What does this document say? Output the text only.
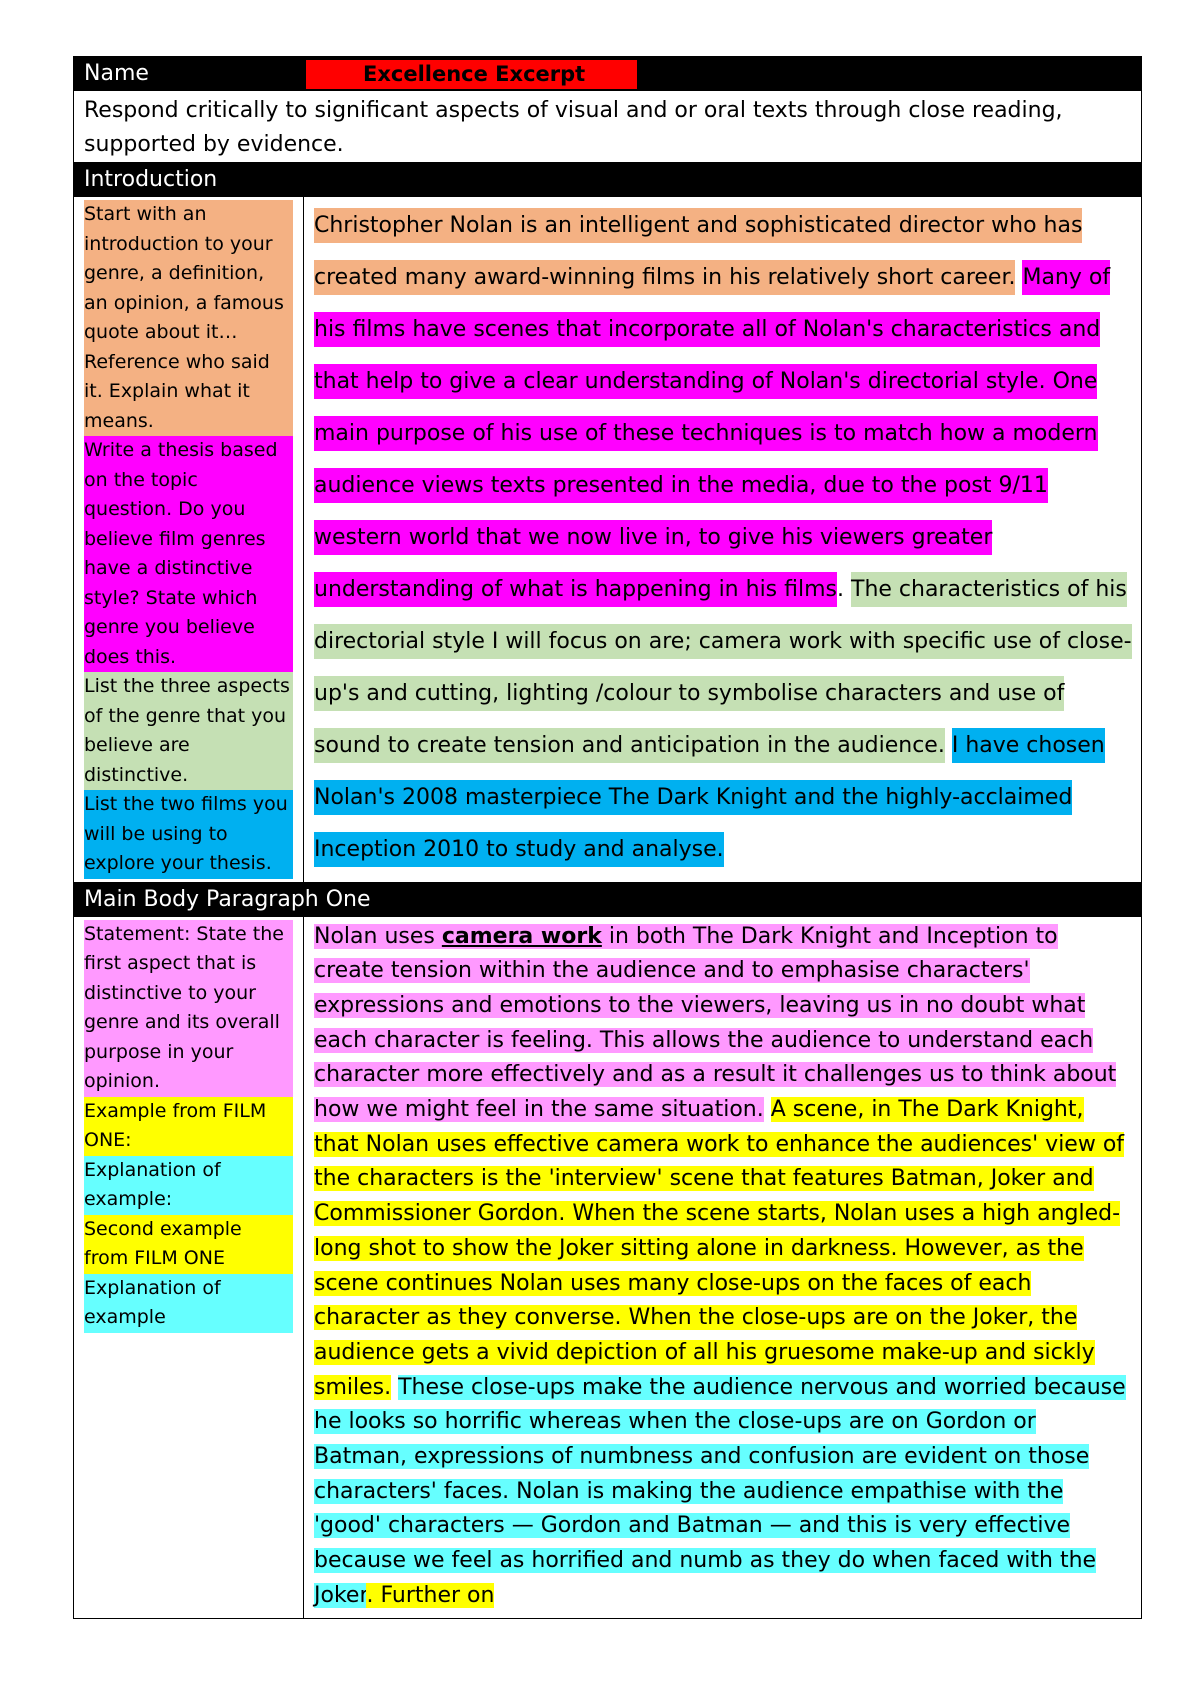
Name	Excellence Excerpt
Respond critically to significant aspects of visual and or oral texts through close reading, supported by evidence.
Introduction
Start with an introduction to your genre, a definition, an opinion, a famous quote about it… Reference who said it. Explain what it means.
Write a thesis based on the topic question. Do you believe film genres have a distinctive style? State which genre you believe does this.
List the three aspects of the genre that you believe are distinctive.
List the two films you will be using to explore your thesis.
Christopher Nolan is an intelligent and sophisticated director who has created many award-winning films in his relatively short career. Many of his films have scenes that incorporate all of Nolan's characteristics and that help to give a clear understanding of Nolan's directorial style. One main purpose of his use of these techniques is to match how a modern audience views texts presented in the media, due to the post 9/11 western world that we now live in, to give his viewers greater understanding of what is happening in his films. The characteristics of his directorial style I will focus on are; camera work with specific use of close-up's and cutting, lighting /colour to symbolise characters and use of sound to create tension and anticipation in the audience. I have chosen Nolan's 2008 masterpiece The Dark Knight and the highly-acclaimed Inception 2010 to study and analyse.
Main Body Paragraph One
Statement: State the first aspect that is distinctive to your genre and its overall purpose in your opinion.
Example from FILM ONE:
Explanation of example:
Second example from FILM ONE
Explanation of example
Nolan uses camera work in both The Dark Knight and Inception to create tension within the audience and to emphasise characters' expressions and emotions to the viewers, leaving us in no doubt what each character is feeling. This allows the audience to understand each character more effectively and as a result it challenges us to think about how we might feel in the same situation. A scene, in The Dark Knight, that Nolan uses effective camera work to enhance the audiences' view of the characters is the 'interview' scene that features Batman, Joker and Commissioner Gordon. When the scene starts, Nolan uses a high angled-long shot to show the Joker sitting alone in darkness. However, as the scene continues Nolan uses many close-ups on the faces of each character as they converse. When the close-ups are on the Joker, the audience gets a vivid depiction of all his gruesome make-up and sickly smiles. These close-ups make the audience nervous and worried because he looks so horrific whereas when the close-ups are on Gordon or Batman, expressions of numbness and confusion are evident on those characters' faces. Nolan is making the audience empathise with the 'good' characters — Gordon and Batman — and this is very effective because we feel as horrified and numb as they do when faced with the Joker. Further on
